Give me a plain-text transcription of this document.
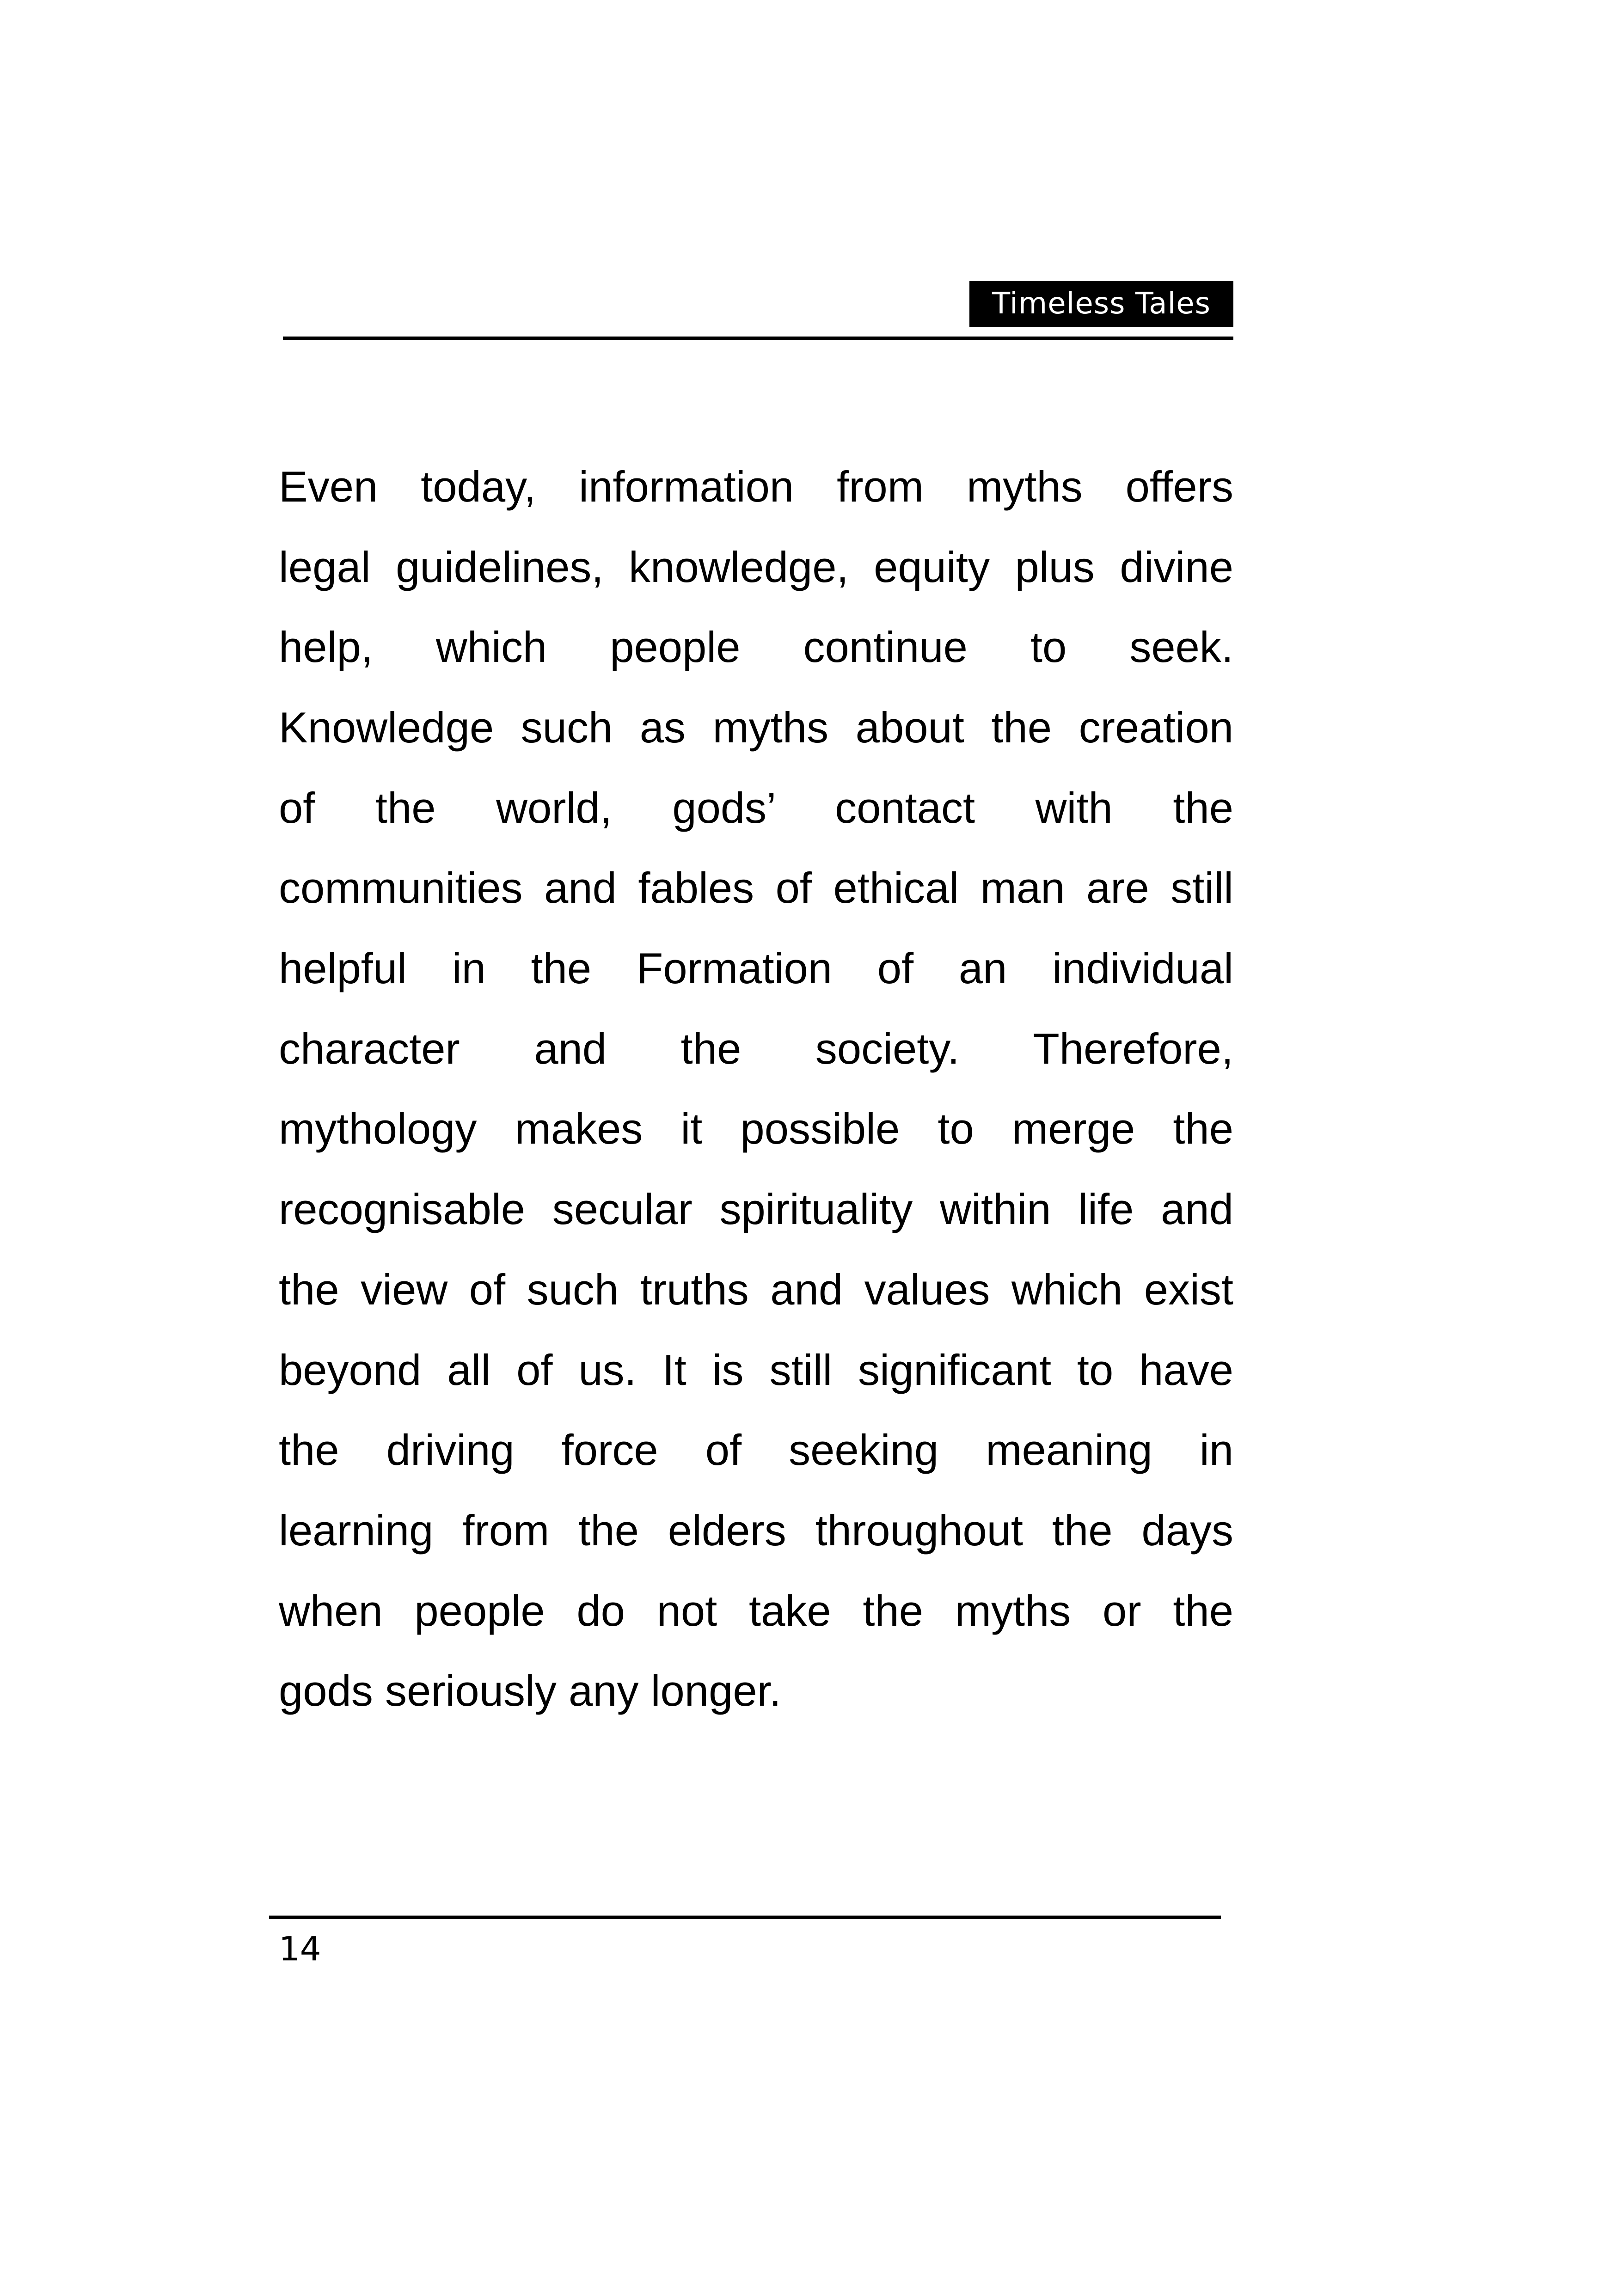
Timeless Tales
Even today, information from myths offers
legal guidelines, knowledge, equity plus divine
help, which people continue to seek.
Knowledge such as myths about the creation
of the world, gods’ contact with the
communities and fables of ethical man are still
helpful in the Formation of an individual
character and the society. Therefore,
mythology makes it possible to merge the
recognisable secular spirituality within life and
the view of such truths and values which exist
beyond all of us. It is still significant to have
the driving force of seeking meaning in
learning from the elders throughout the days
when people do not take the myths or the
gods seriously any longer.
14
